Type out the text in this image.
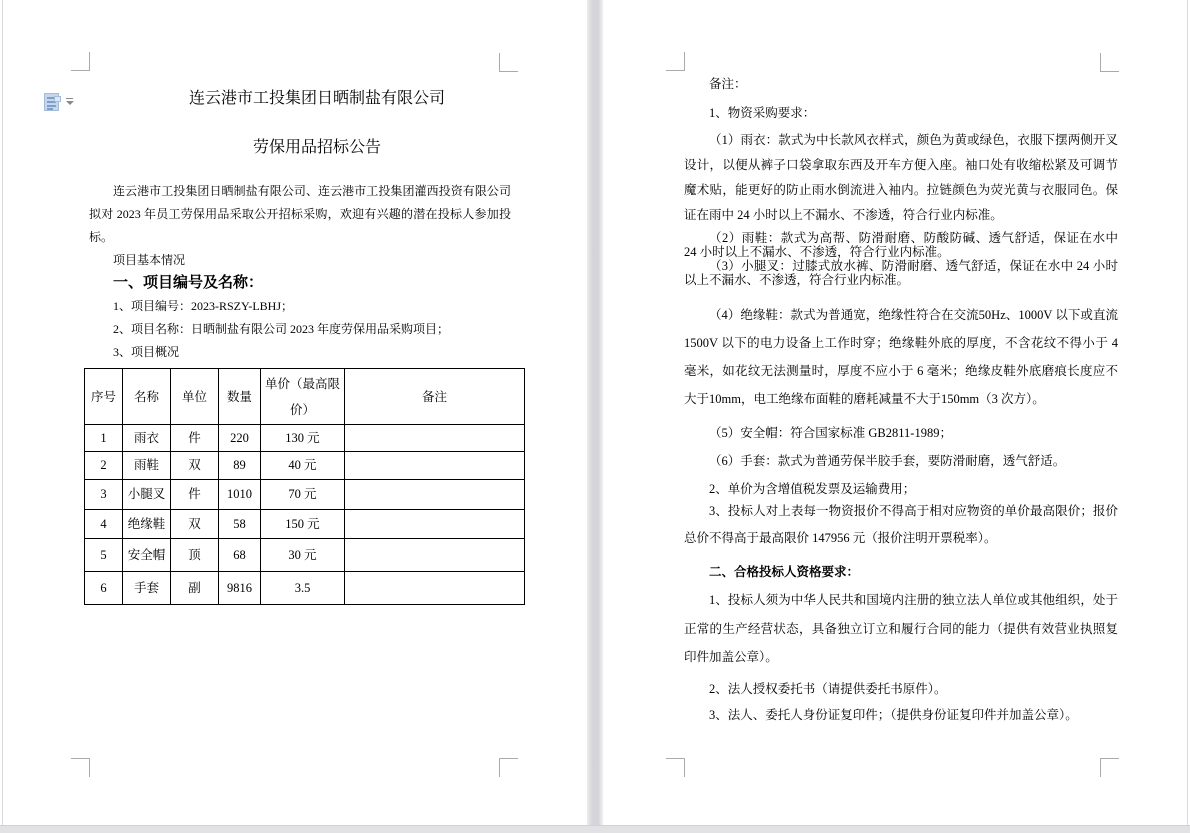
连云港市工投集团日晒制盐有限公司
劳保用品招标公告

连云港市工投集团日晒制盐有限公司、连云港市工投集团灌西投资有限公司拟对 2023 年员工劳保用品采取公开招标采购，欢迎有兴趣的潜在投标人参加投标。

项目基本情况

一、项目编号及名称：

1、项目编号：2023-RSZY-LBHJ；

2、项目名称：日晒制盐有限公司 2023 年度劳保用品采购项目；

3、项目概况

序号	名称	单位	数量	单价（最高限价）	备注
1	雨衣	件	220	130 元	
2	雨鞋	双	89	40 元	
3	小腿叉	件	1010	70 元	
4	绝缘鞋	双	58	150 元	
5	安全帽	顶	68	30 元	
6	手套	副	9816	3.5	

备注：

1、物资采购要求：

（1）雨衣：款式为中长款风衣样式，颜色为黄或绿色，衣服下摆两侧开叉设计，以便从裤子口袋拿取东西及开车方便入座。袖口处有收缩松紧及可调节魔术贴，能更好的防止雨水倒流进入袖内。拉链颜色为荧光黄与衣服同色。保证在雨中 24 小时以上不漏水、不渗透，符合行业内标准。

（2）雨鞋：款式为高帮、防滑耐磨、防酸防碱、透气舒适，保证在水中 24 小时以上不漏水、不渗透，符合行业内标准。

（3）小腿叉：过膝式放水裤、防滑耐磨、透气舒适，保证在水中 24 小时以上不漏水、不渗透，符合行业内标准。

（4）绝缘鞋：款式为普通宽，绝缘性符合在交流50Hz、1000V 以下或直流1500V 以下的电力设备上工作时穿；绝缘鞋外底的厚度，不含花纹不得小于 4 毫米，如花纹无法测量时，厚度不应小于 6 毫米；绝缘皮鞋外底磨痕长度应不大于10mm，电工绝缘布面鞋的磨耗减量不大于150mm（3 次方）。

（5）安全帽：符合国家标准 GB2811-1989；

（6）手套：款式为普通劳保半胶手套，要防滑耐磨，透气舒适。

2、单价为含增值税发票及运输费用；

3、投标人对上表每一物资报价不得高于相对应物资的单价最高限价；报价总价不得高于最高限价 147956 元（报价注明开票税率）。

二、合格投标人资格要求：

1、投标人须为中华人民共和国境内注册的独立法人单位或其他组织，处于正常的生产经营状态，具备独立订立和履行合同的能力（提供有效营业执照复印件加盖公章）。

2、法人授权委托书（请提供委托书原件）。

3、法人、委托人身份证复印件；（提供身份证复印件并加盖公章）。
